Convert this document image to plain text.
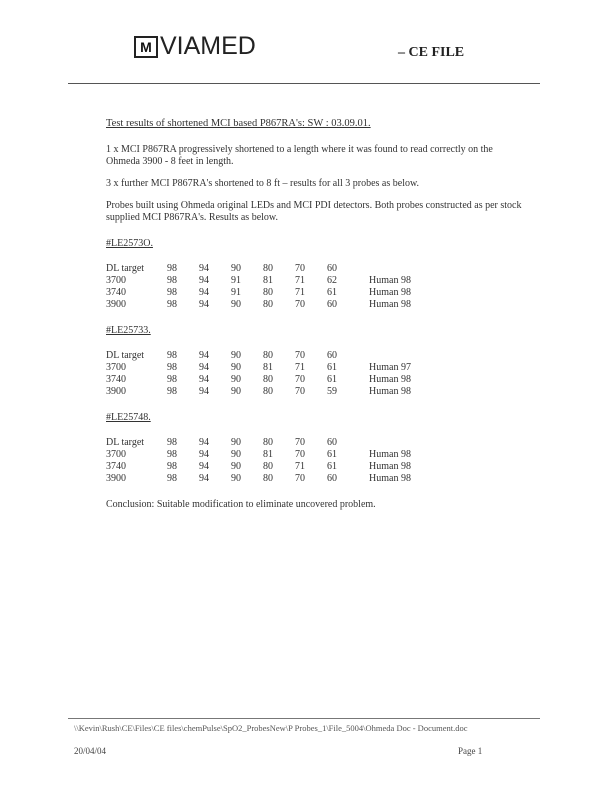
M VIAMED	– CE FILE
Test results of shortened MCI based P867RA's: SW : 03.09.01.
1 x MCI P867RA progressively shortened to a length where it was found to read correctly on the Ohmeda 3900 - 8 feet in length.
3 x further MCI P867RA's shortened to 8 ft – results for all 3 probes as below.
Probes built using Ohmeda original LEDs and MCI PDI detectors. Both probes constructed as per stock supplied MCI P867RA's. Results as below.
#LE2573O.
DL target	98	94	90	80	70	60
3700	98	94	91	81	71	62	Human 98
3740	98	94	91	80	71	61	Human 98
3900	98	94	90	80	70	60	Human 98
#LE25733.
DL target	98	94	90	80	70	60
3700	98	94	90	81	71	61	Human 97
3740	98	94	90	80	70	61	Human 98
3900	98	94	90	80	70	59	Human 98
#LE25748.
DL target	98	94	90	80	70	60
3700	98	94	90	81	70	61	Human 98
3740	98	94	90	80	71	61	Human 98
3900	98	94	90	80	70	60	Human 98
Conclusion: Suitable modification to eliminate uncovered problem.
\\Kevin\Rush\CE\Files\CE files\chemPulse\SpO2_ProbesNew\P Probes_1\File_5004\Ohmeda Doc - Document.doc
20/04/04	Page 1
